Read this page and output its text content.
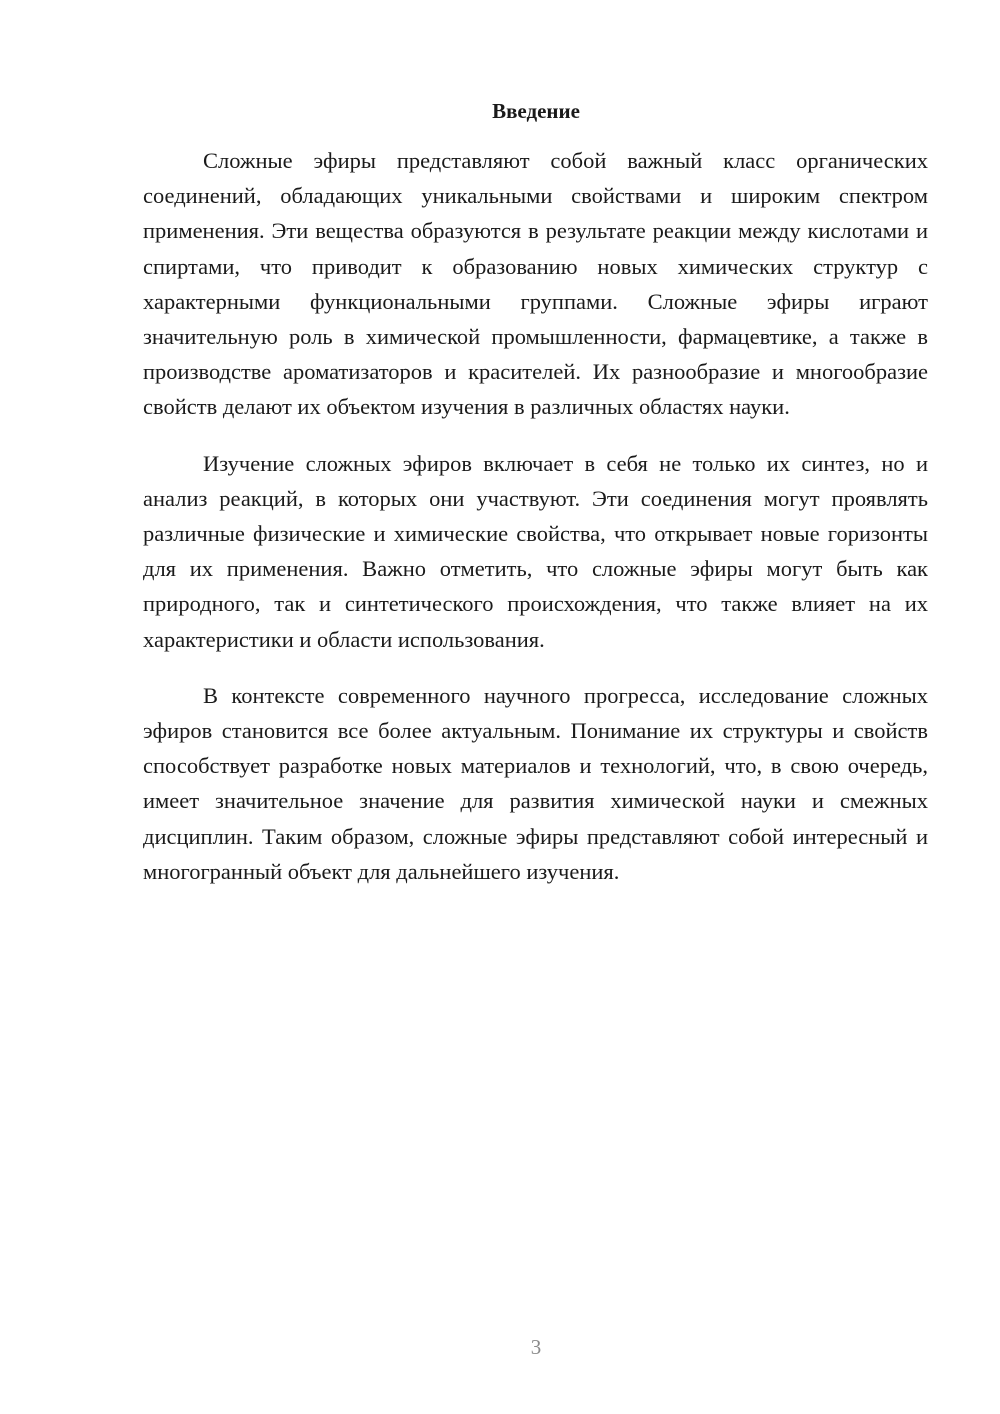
Введение

Сложные эфиры представляют собой важный класс органических соединений, обладающих уникальными свойствами и широким спектром применения. Эти вещества образуются в результате реакции между кислотами и спиртами, что приводит к образованию новых химических структур с характерными функциональными группами. Сложные эфиры играют значительную роль в химической промышленности, фармацевтике, а также в производстве ароматизаторов и красителей. Их разнообразие и многообразие свойств делают их объектом изучения в различных областях науки.

Изучение сложных эфиров включает в себя не только их синтез, но и анализ реакций, в которых они участвуют. Эти соединения могут проявлять различные физические и химические свойства, что открывает новые горизонты для их применения. Важно отметить, что сложные эфиры могут быть как природного, так и синтетического происхождения, что также влияет на их характеристики и области использования.

В контексте современного научного прогресса, исследование сложных эфиров становится все более актуальным. Понимание их структуры и свойств способствует разработке новых материалов и технологий, что, в свою очередь, имеет значительное значение для развития химической науки и смежных дисциплин. Таким образом, сложные эфиры представляют собой интересный и многогранный объект для дальнейшего изучения.

3
